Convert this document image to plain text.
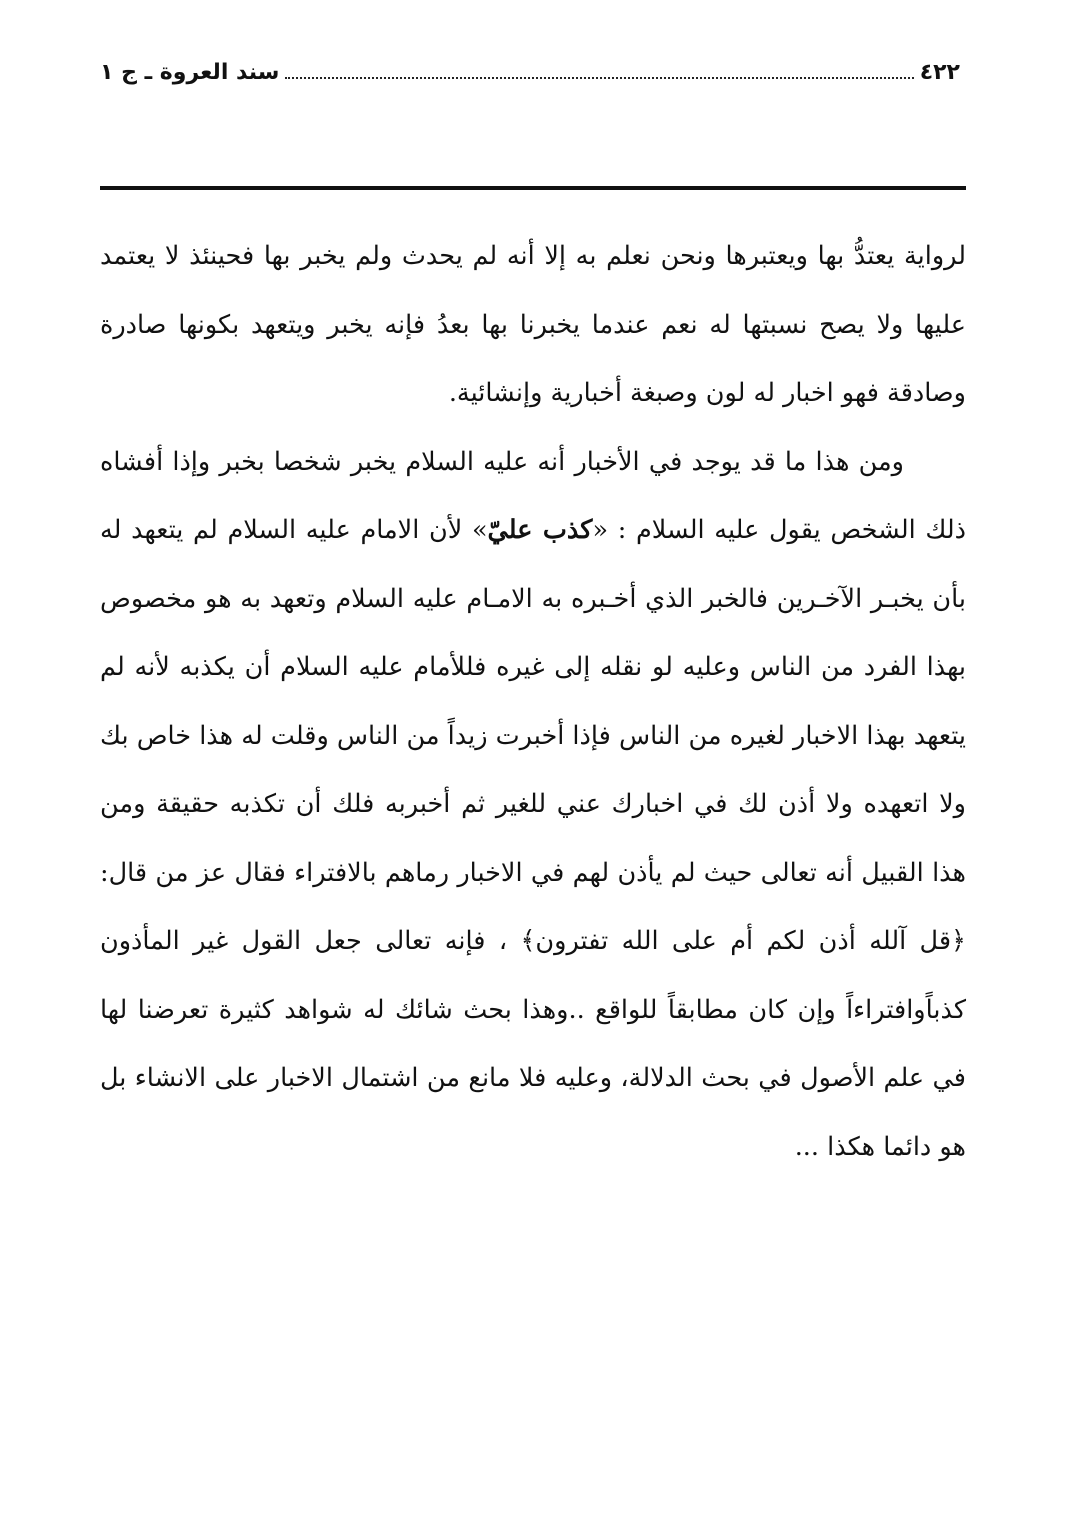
سند العروة ـ ج ١	٤٢٢

لرواية يعتدُّ بها ويعتبرها ونحن نعلم به إلا أنه لم يحدث ولم يخبر بها فحينئذ لا يعتمد عليها ولا يصح نسبتها له نعم عندما يخبرنا بها بعدُ فإنه يخبر ويتعهد بكونها صادرة وصادقة فهو اخبار له لون وصبغة أخبارية وإنشائية.

ومن هذا ما قد يوجد في الأخبار أنه عليه السلام يخبر شخصا بخبر وإذا أفشاه ذلك الشخص يقول عليه السلام : «كذب عليّ» لأن الامام عليه السلام لم يتعهد له بأن يخبـر الآخـرين فالخبر الذي أخـبره به الامـام عليه السلام وتعهد به هو مخصوص بهذا الفرد من الناس وعليه لو نقله إلى غيره فللأمام عليه السلام أن يكذبه لأنه لم يتعهد بهذا الاخبار لغيره من الناس فإذا أخبرت زيداً من الناس وقلت له هذا خاص بك ولا اتعهده ولا أذن لك في اخبارك عني للغير ثم أخبربه فلك أن تكذبه حقيقة ومن هذا القبيل أنه تعالى حيث لم يأذن لهم في الاخبار رماهم بالافتراء فقال عز من قال: ﴿قل آلله أذن لكم أم على الله تفترون﴾ ، فإنه تعالى جعل القول غير المأذون كذباًوافتراءاً وإن كان مطابقاً للواقع ..وهذا بحث شائك له شواهد كثيرة تعرضنا لها في علم الأصول في بحث الدلالة، وعليه فلا مانع من اشتمال الاخبار على الانشاء بل هو دائما هكذا ...
